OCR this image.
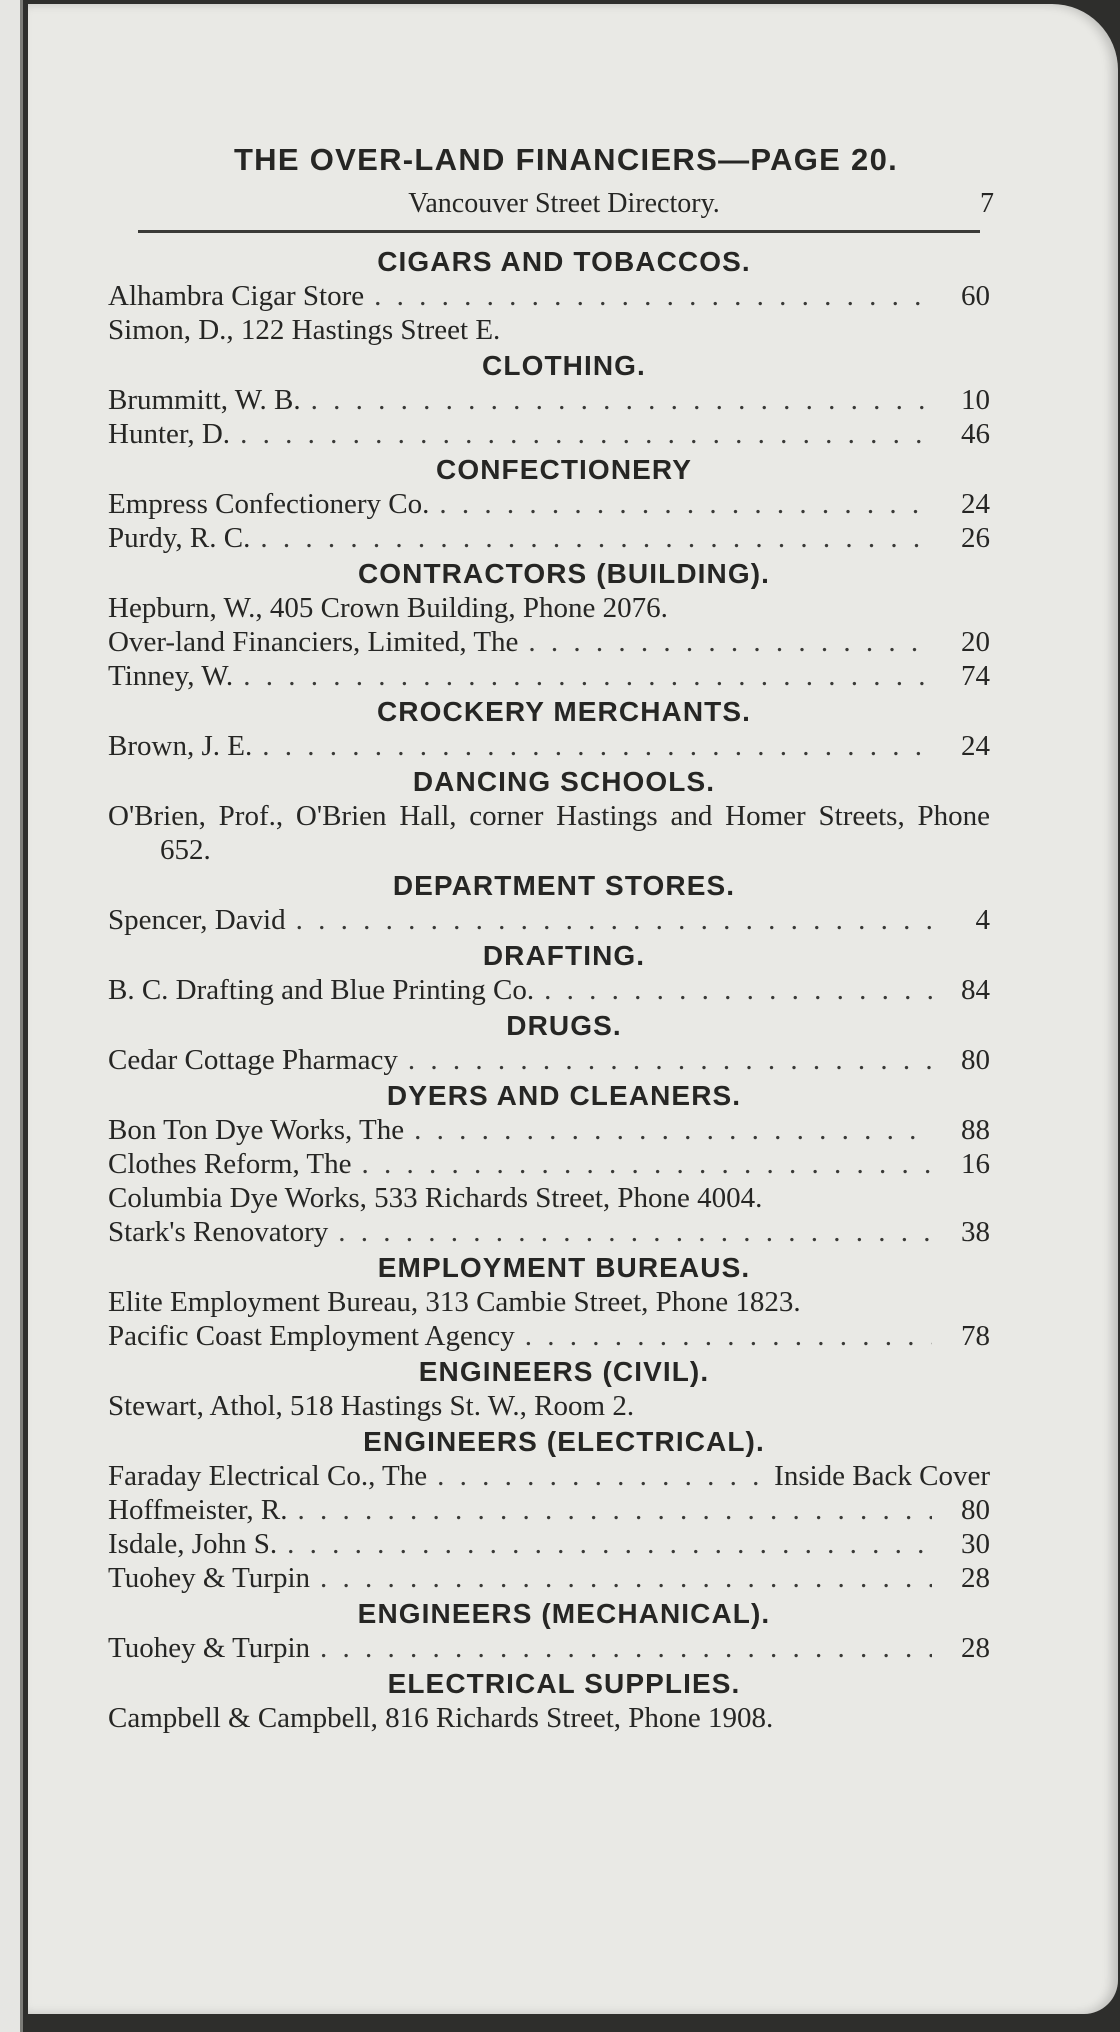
THE OVER-LAND FINANCIERS—PAGE 20.
Vancouver Street Directory.	7
CIGARS AND TOBACCOS.
Alhambra Cigar Store . . .	60
Simon, D., 122 Hastings Street E.
CLOTHING.
Brummitt, W. B. . . .	10
Hunter, D. . . .	46
CONFECTIONERY
Empress Confectionery Co. . . .	24
Purdy, R. C. . . .	26
CONTRACTORS (BUILDING).
Hepburn, W., 405 Crown Building, Phone 2076.
Over-land Financiers, Limited, The . . .	20
Tinney, W. . . .	74
CROCKERY MERCHANTS.
Brown, J. E. . . .	24
DANCING SCHOOLS.
O'Brien, Prof., O'Brien Hall, corner Hastings and Homer Streets, Phone 652.
DEPARTMENT STORES.
Spencer, David . . .	4
DRAFTING.
B. C. Drafting and Blue Printing Co. . . .	84
DRUGS.
Cedar Cottage Pharmacy . . .	80
DYERS AND CLEANERS.
Bon Ton Dye Works, The . . .	88
Clothes Reform, The . . .	16
Columbia Dye Works, 533 Richards Street, Phone 4004.
Stark's Renovatory . . .	38
EMPLOYMENT BUREAUS.
Elite Employment Bureau, 313 Cambie Street, Phone 1823.
Pacific Coast Employment Agency . . .	78
ENGINEERS (CIVIL).
Stewart, Athol, 518 Hastings St. W., Room 2.
ENGINEERS (ELECTRICAL).
Faraday Electrical Co., The . . .	Inside Back Cover
Hoffmeister, R. . . .	80
Isdale, John S. . . .	30
Tuohey & Turpin . . .	28
ENGINEERS (MECHANICAL).
Tuohey & Turpin . . .	28
ELECTRICAL SUPPLIES.
Campbell & Campbell, 816 Richards Street, Phone 1908.
